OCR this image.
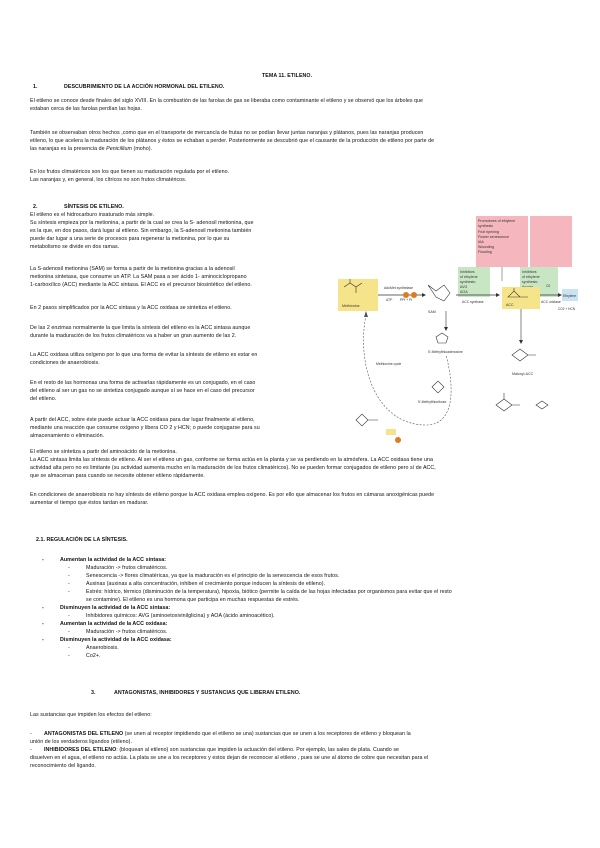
TEMA 11. ETILENO.
1.	DESCUBRIMIENTO DE LA ACCIÓN HORMONAL DEL ETILENO.
El etileno se conoce desde finales del siglo XVIII. En la combustión de las farolas de gas se liberaba como contaminante el etileno y se observó que los árboles que
estaban cerca de las farolas perdían las hojas.
También se observaban otros hechos ,como que en el transporte de mercancía de frutas no se podían llevar juntas naranjas y plátanos, pues las naranjas producen
etileno, lo que acelera la maduración de los plátanos y éstos se echaban a perder. Posteriormente se descubrió que el causante de la producción de etileno por parte de
las naranjas es la presencia de Penicillium (moho).
En los frutos climatéricos son los que tienen su maduración regulada por el etileno.
Las naranjas y, en general, los cítricos no son frutos climatéricos.
2.	SÍNTESIS DE ETILENO.
El etileno es el hidrocarburo insaturado más simple.
Su síntesis empieza por la metionina, a partir de la cual se crea la S- adenosil metionina, que
es la que, en dos pasos, dará lugar al etileno. Sin embargo, la S-adenosil metionina también
puede dar lugar a una serie de procesos para regenerar la metionina, por lo que su
metabolismo se divide en dos ramas.
La S-adenosil metionina (SAM) se forma a partir de la metionina gracias a la adenosil
metionina sintetasa, que consume un ATP. La SAM pasa a ser ácido 1- aminociclopropano
1-carboxílico (ACC) mediante la ACC sintasa. El ACC es el precursor biosintético del etileno.
En 2 pasos simplificados por la ACC sintasa y la ACC oxidasa se sintetiza el etileno.
De las 2 enzimas normalmente la que limita la síntesis del etileno es la ACC sintasa aunque
durante la maduración de los frutos climatéricos va a haber un gran aumento de las 2.
La ACC oxidasa utiliza oxígeno por lo que una forma de evitar la síntesis de etileno es estar en
condiciones de anaerobiosis.
En el resto de las hormonas una forma de activarlas rápidamente es un conjugado, en el caso
del etileno al ser un gas no se sintetiza conjugado aunque sí se hace en el caso del precursor
del etileno.
A partir del ACC, sobre éste puede actuar la ACC oxidasa para dar lugar finalmente al etileno,
mediante una reacción que consume oxígeno y libera CO 2 y HCN; o puede conjugarse para su
almacenamiento o eliminación.
El etileno se sintetiza a partir del aminoácido de la metionina.
La ACC sintasa limita las síntesis de etileno. Al ser el etileno un gas, conforme se forma actúa en la planta y se va perdiendo en la atmósfera. La ACC oxidasa tiene una
actividad alta pero no es limitante (su actividad aumenta mucho en la maduración de los frutos climatéricos). No se pueden formar conjugados de etileno pero sí de ACC,
que se almacenan para cuando se necesite obtener etileno rápidamente.
En condiciones de anaerobiosis no hay síntesis de etileno porque la ACC oxidasa emplea oxígeno. Es por ello que almacenar los frutos en cámaras anoxigénicas puede
aumentar el tiempo que éstos tardan en madurar.
Promotores of ethylene
synthesis
Fruit ripening
Flower senescence
IAA
Wounding
Flooding
Inhibitors
of ethylene
synthesis:
AVG
AOA
Inhibitors
of ethylene
synthesis:
Methionine
AdoMet synthetase
ATP PPi + Pi
SAM
ACC synthase
ACC
ACC oxidase
Ethylene
O2
CO2 + HCN
Malonyl-ACC
5'-Methylthioadenosine
5'-Methylthioribose
Methionine cycle
2.1. REGULACIÓN DE LA SÍNTESIS.
-	Aumentan la actividad de la ACC sintasa:
-	Maduración -> frutos climatéricos.
-	Senescencia -> flores climatéricas, ya que la maduración es el principio de la senescencia de esos frutos.
-	Auxinas (auxinas a alta concentración, inhiben el crecimiento porque inducen la síntesis de etileno).
-	Estrés: hídrico, térmico (disminución de la temperatura), hipoxia, biótico (permite la caída de las hojas infectadas por organismos para evitar que el resto
se contamine). El etileno es una hormona que participa en muchas respuestas de estrés.
-	Disminuyen la actividad de la ACC sintasa:
-	Inhibidores químicos: AVG (aminoetoxivinilglicina) y AOA (ácido aminoacético).
-	Aumentan la actividad de la ACC oxidasa:
-	Maduración -> frutos climatéricos.
-	Disminuyen la actividad de la ACC oxidasa:
-	Anaerobiosis.
-	Co2+.
3.	ANTAGONISTAS, INHIBIDORES Y SUSTANCIAS QUE LIBERAN ETILENO.
Las sustancias que impiden los efectos del etileno:
-        ANTAGONISTAS DEL ETILENO (se unen al receptor impidiendo que el etileno se una) sustancias que se unen a los receptores de etileno y bloquean la
unión de los verdaderos ligandos (etileno).
-        INHIBIDORES DEL ETILENO: (bloquean al etileno) son sustancias que impiden la actuación del etileno. Por ejemplo, las sales de plata. Cuando se
disuelven en el agua, el etileno no actúa. La plata se une a los receptores y estos dejan de reconocer al etileno , pues se une al átomo de cobre que necesitan para el
reconocimiento del ligando.
